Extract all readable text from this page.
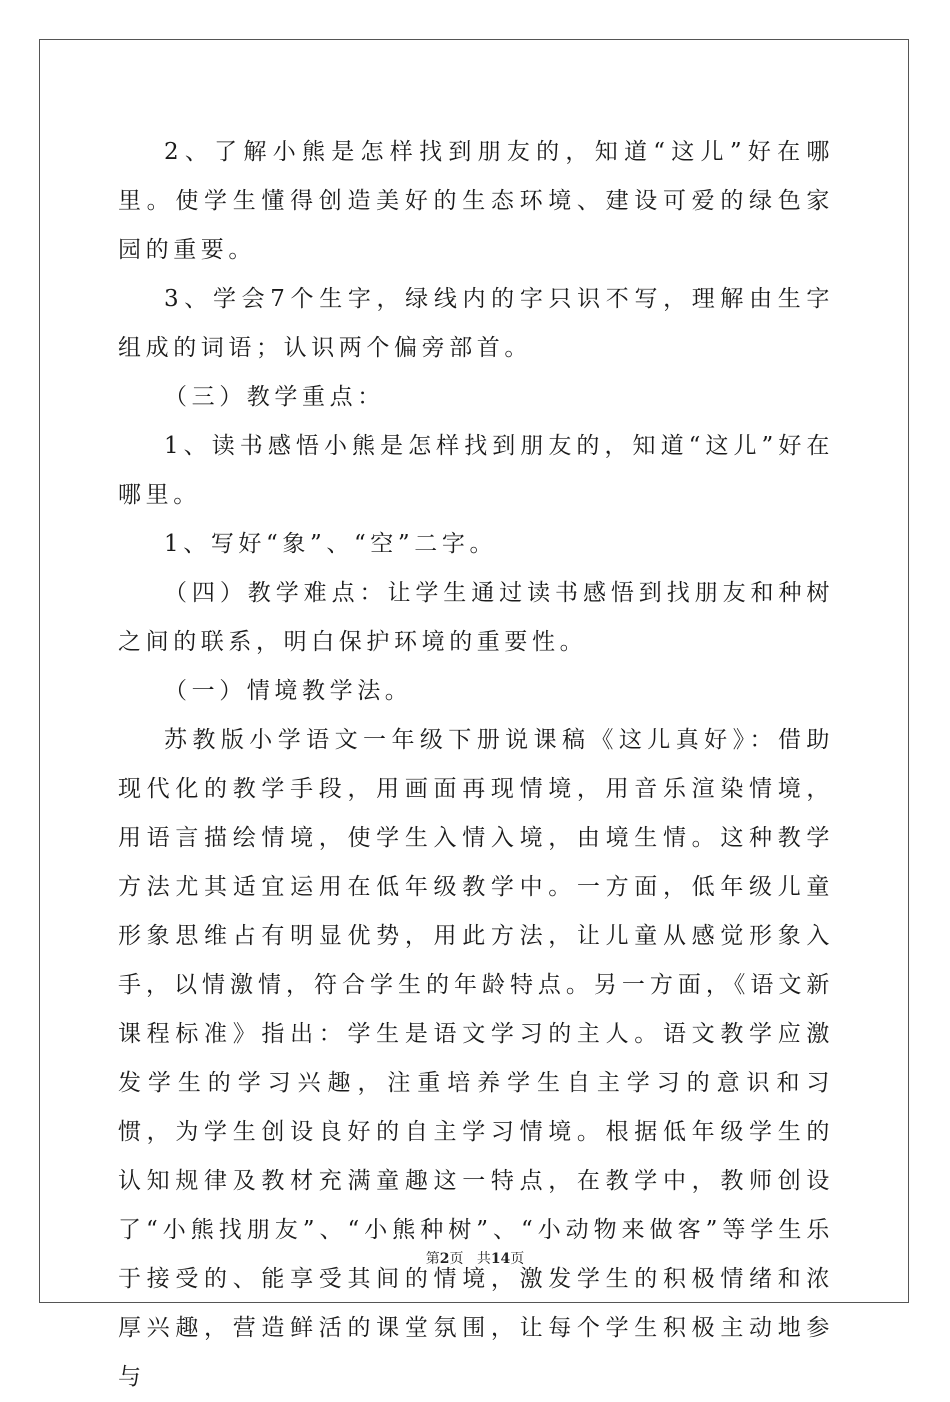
2、了解小熊是怎样找到朋友的，知道“这儿”好在哪里。使学生懂得创造美好的生态环境、建设可爱的绿色家园的重要。

3、学会7个生字，绿线内的字只识不写，理解由生字组成的词语；认识两个偏旁部首。

（三）教学重点：

1、读书感悟小熊是怎样找到朋友的，知道“这儿”好在哪里。

1、写好“象”、“空”二字。

（四）教学难点：让学生通过读书感悟到找朋友和种树之间的联系，明白保护环境的重要性。

（一）情境教学法。

苏教版小学语文一年级下册说课稿《这儿真好》：借助现代化的教学手段，用画面再现情境，用音乐渲染情境，用语言描绘情境，使学生入情入境，由境生情。这种教学方法尤其适宜运用在低年级教学中。一方面，低年级儿童形象思维占有明显优势，用此方法，让儿童从感觉形象入手，以情激情，符合学生的年龄特点。另一方面，《语文新课程标准》指出：学生是语文学习的主人。语文教学应激发学生的学习兴趣，注重培养学生自主学习的意识和习惯，为学生创设良好的自主学习情境。根据低年级学生的认知规律及教材充满童趣这一特点，在教学中，教师创设了“小熊找朋友”、“小熊种树”、“小动物来做客”等学生乐于接受的、能享受其间的情境，激发学生的积极情绪和浓厚兴趣，营造鲜活的课堂氛围，让每个学生积极主动地参与

第2页 共14页
